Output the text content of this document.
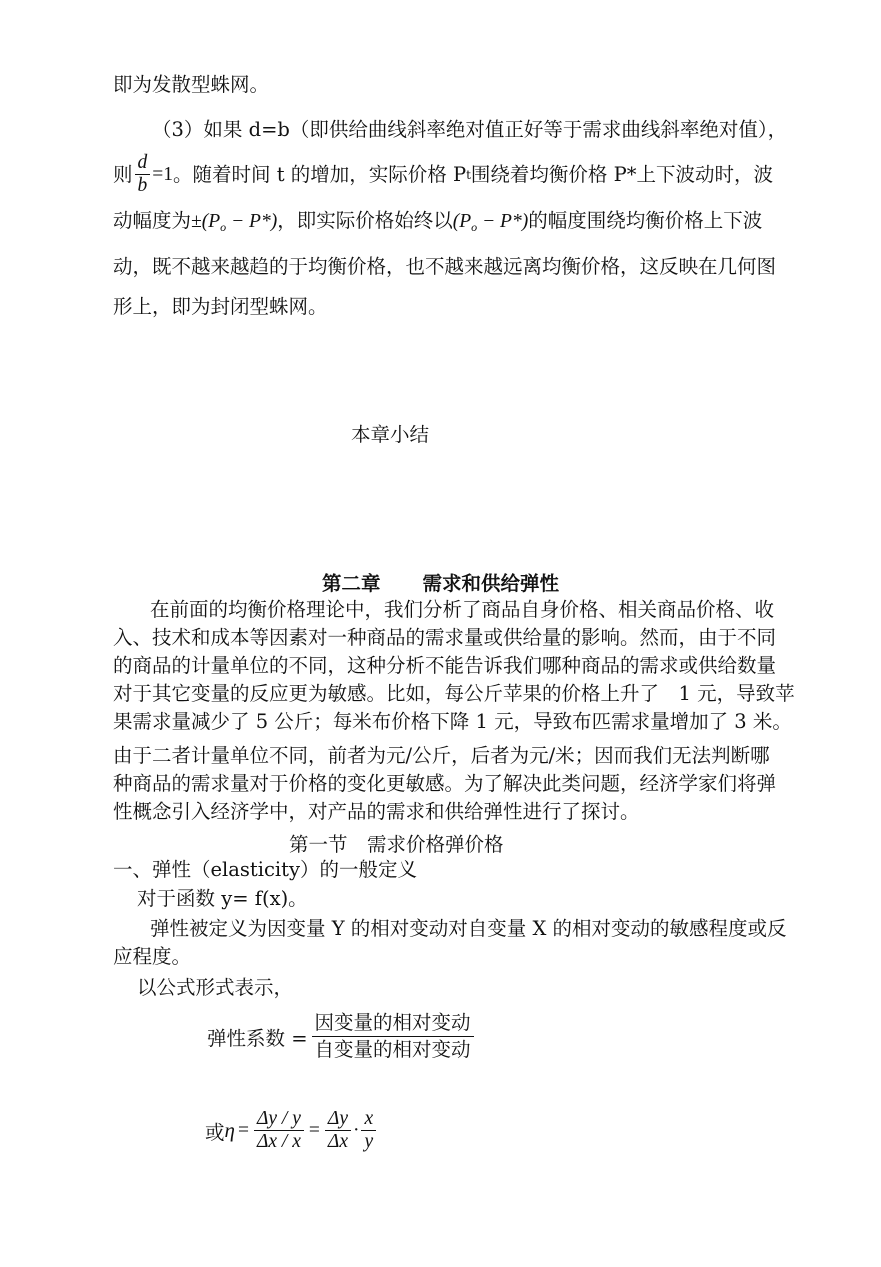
即为发散型蛛网。
（3）如果 d=b（即供给曲线斜率绝对值正好等于需求曲线斜率绝对值），
则 $\frac{d}{b} =1$ 。随着时间 t 的增加，实际价格 P t 围绕着均衡价格 P*上下波动时，波
动幅度为$\pm(P_o - P*)$，即实际价格始终以$(P_o - P*)$的幅度围绕均衡价格上下波
动，既不越来越趋的于均衡价格，也不越来越远离均衡价格，这反映在几何图
形上，即为封闭型蛛网。
本章小结
第二章 需求和供给弹性
在前面的均衡价格理论中，我们分析了商品自身价格、相关商品价格、收
入、技术和成本等因素对一种商品的需求量或供给量的影响。然而，由于不同
的商品的计量单位的不同，这种分析不能告诉我们哪种商品的需求或供给数量
对于其它变量的反应更为敏感。比如，每公斤苹果的价格上升了　1 元，导致苹
果需求量减少了 5 公斤；每米布价格下降 1 元，导致布匹需求量增加了 3 米。
由于二者计量单位不同，前者为元/公斤，后者为元/米；因而我们无法判断哪
种商品的需求量对于价格的变化更敏感。为了解决此类问题，经济学家们将弹
性概念引入经济学中，对产品的需求和供给弹性进行了探讨。
第一节　需求价格弹价格
一、弹性（elasticity）的一般定义
对于函数 y= f(x)。
弹性被定义为因变量 Y 的相对变动对自变量 X 的相对变动的敏感程度或反
应程度。
以公式形式表示，
弹性系数 = $\frac{\text{因变量的相对变动}}{\text{自变量的相对变动}}$
或 $\eta = \frac{\Delta y / y}{\Delta x / x} = \frac{\Delta y}{\Delta x} \cdot \frac{x}{y}$
